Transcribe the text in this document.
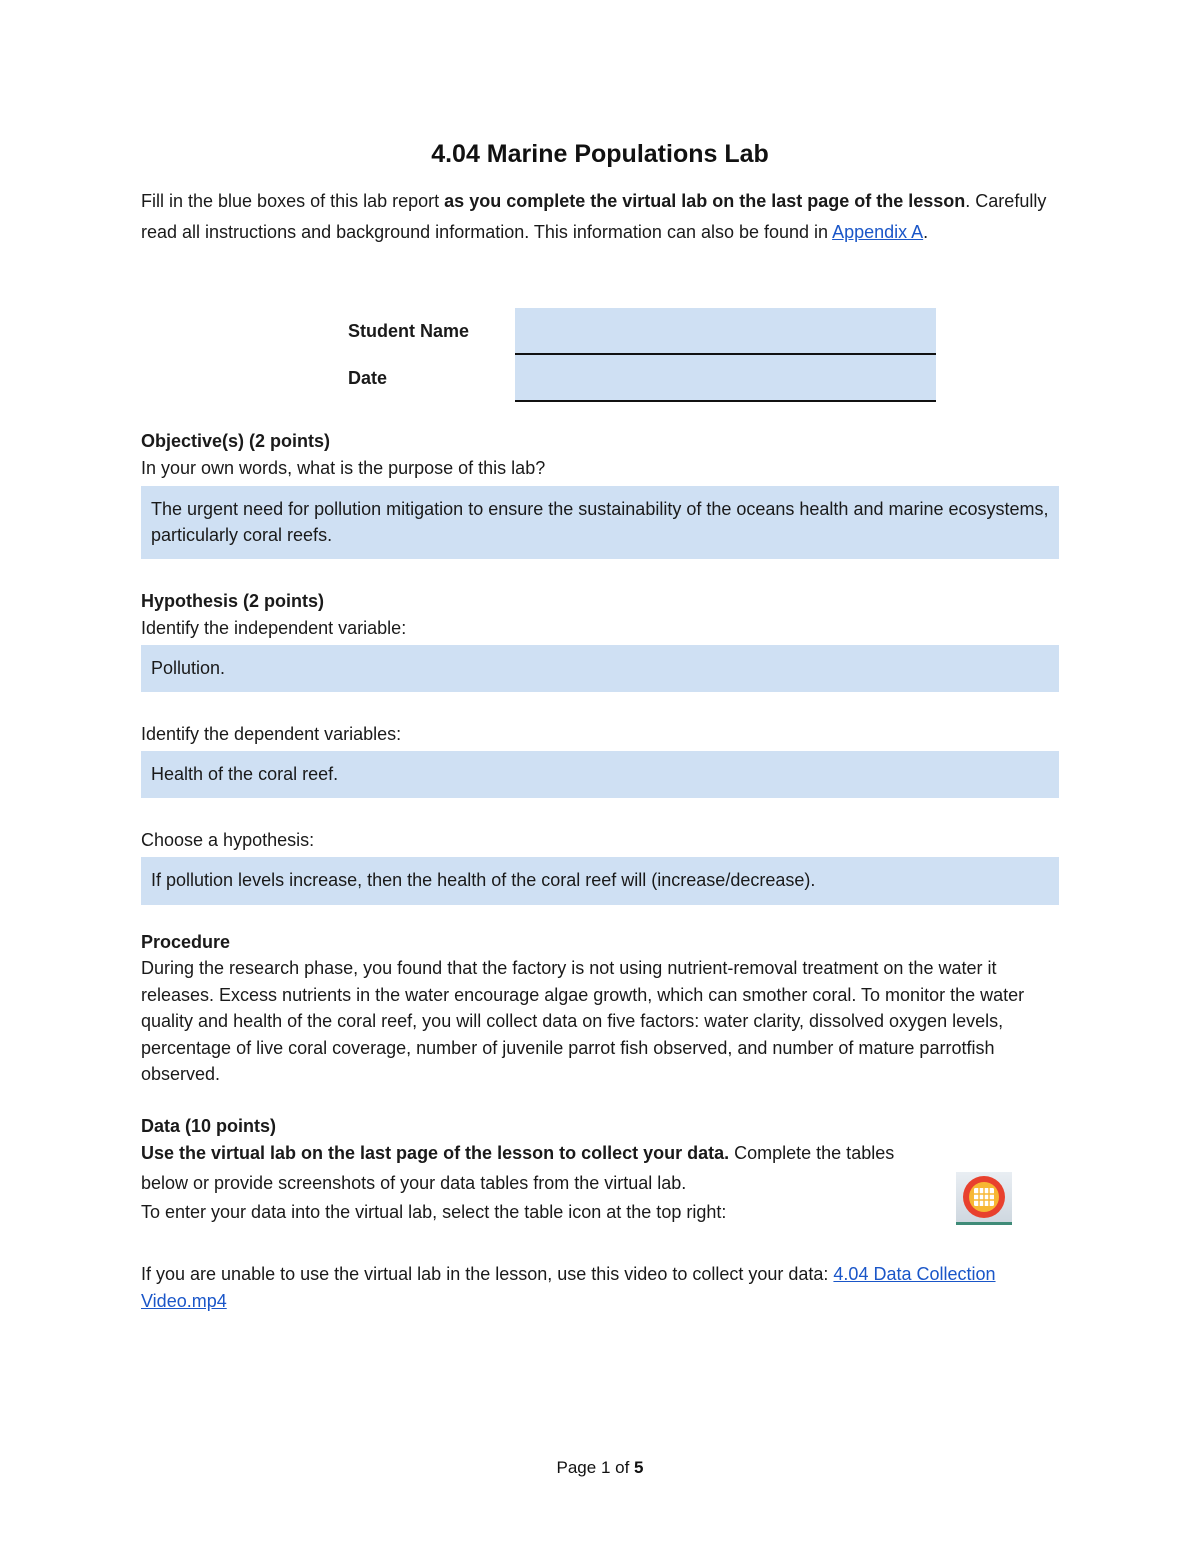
4.04 Marine Populations Lab

Fill in the blue boxes of this lab report as you complete the virtual lab on the last page of the lesson. Carefully read all instructions and background information. This information can also be found in Appendix A.

Student Name
Date

Objective(s) (2 points)

In your own words, what is the purpose of this lab?

The urgent need for pollution mitigation to ensure the sustainability of the oceans health and marine ecosystems, particularly coral reefs.

Hypothesis (2 points)

Identify the independent variable:

Pollution.

Identify the dependent variables:

Health of the coral reef.

Choose a hypothesis:

If pollution levels increase, then the health of the coral reef will (increase/decrease).

Procedure

During the research phase, you found that the factory is not using nutrient-removal treatment on the water it releases. Excess nutrients in the water encourage algae growth, which can smother coral. To monitor the water quality and health of the coral reef, you will collect data on five factors: water clarity, dissolved oxygen levels, percentage of live coral coverage, number of juvenile parrot fish observed, and number of mature parrotfish observed.

Data (10 points)

Use the virtual lab on the last page of the lesson to collect your data. Complete the tables below or provide screenshots of your data tables from the virtual lab.
To enter your data into the virtual lab, select the table icon at the top right:

If you are unable to use the virtual lab in the lesson, use this video to collect your data: 4.04 Data Collection Video.mp4

Page 1 of 5
